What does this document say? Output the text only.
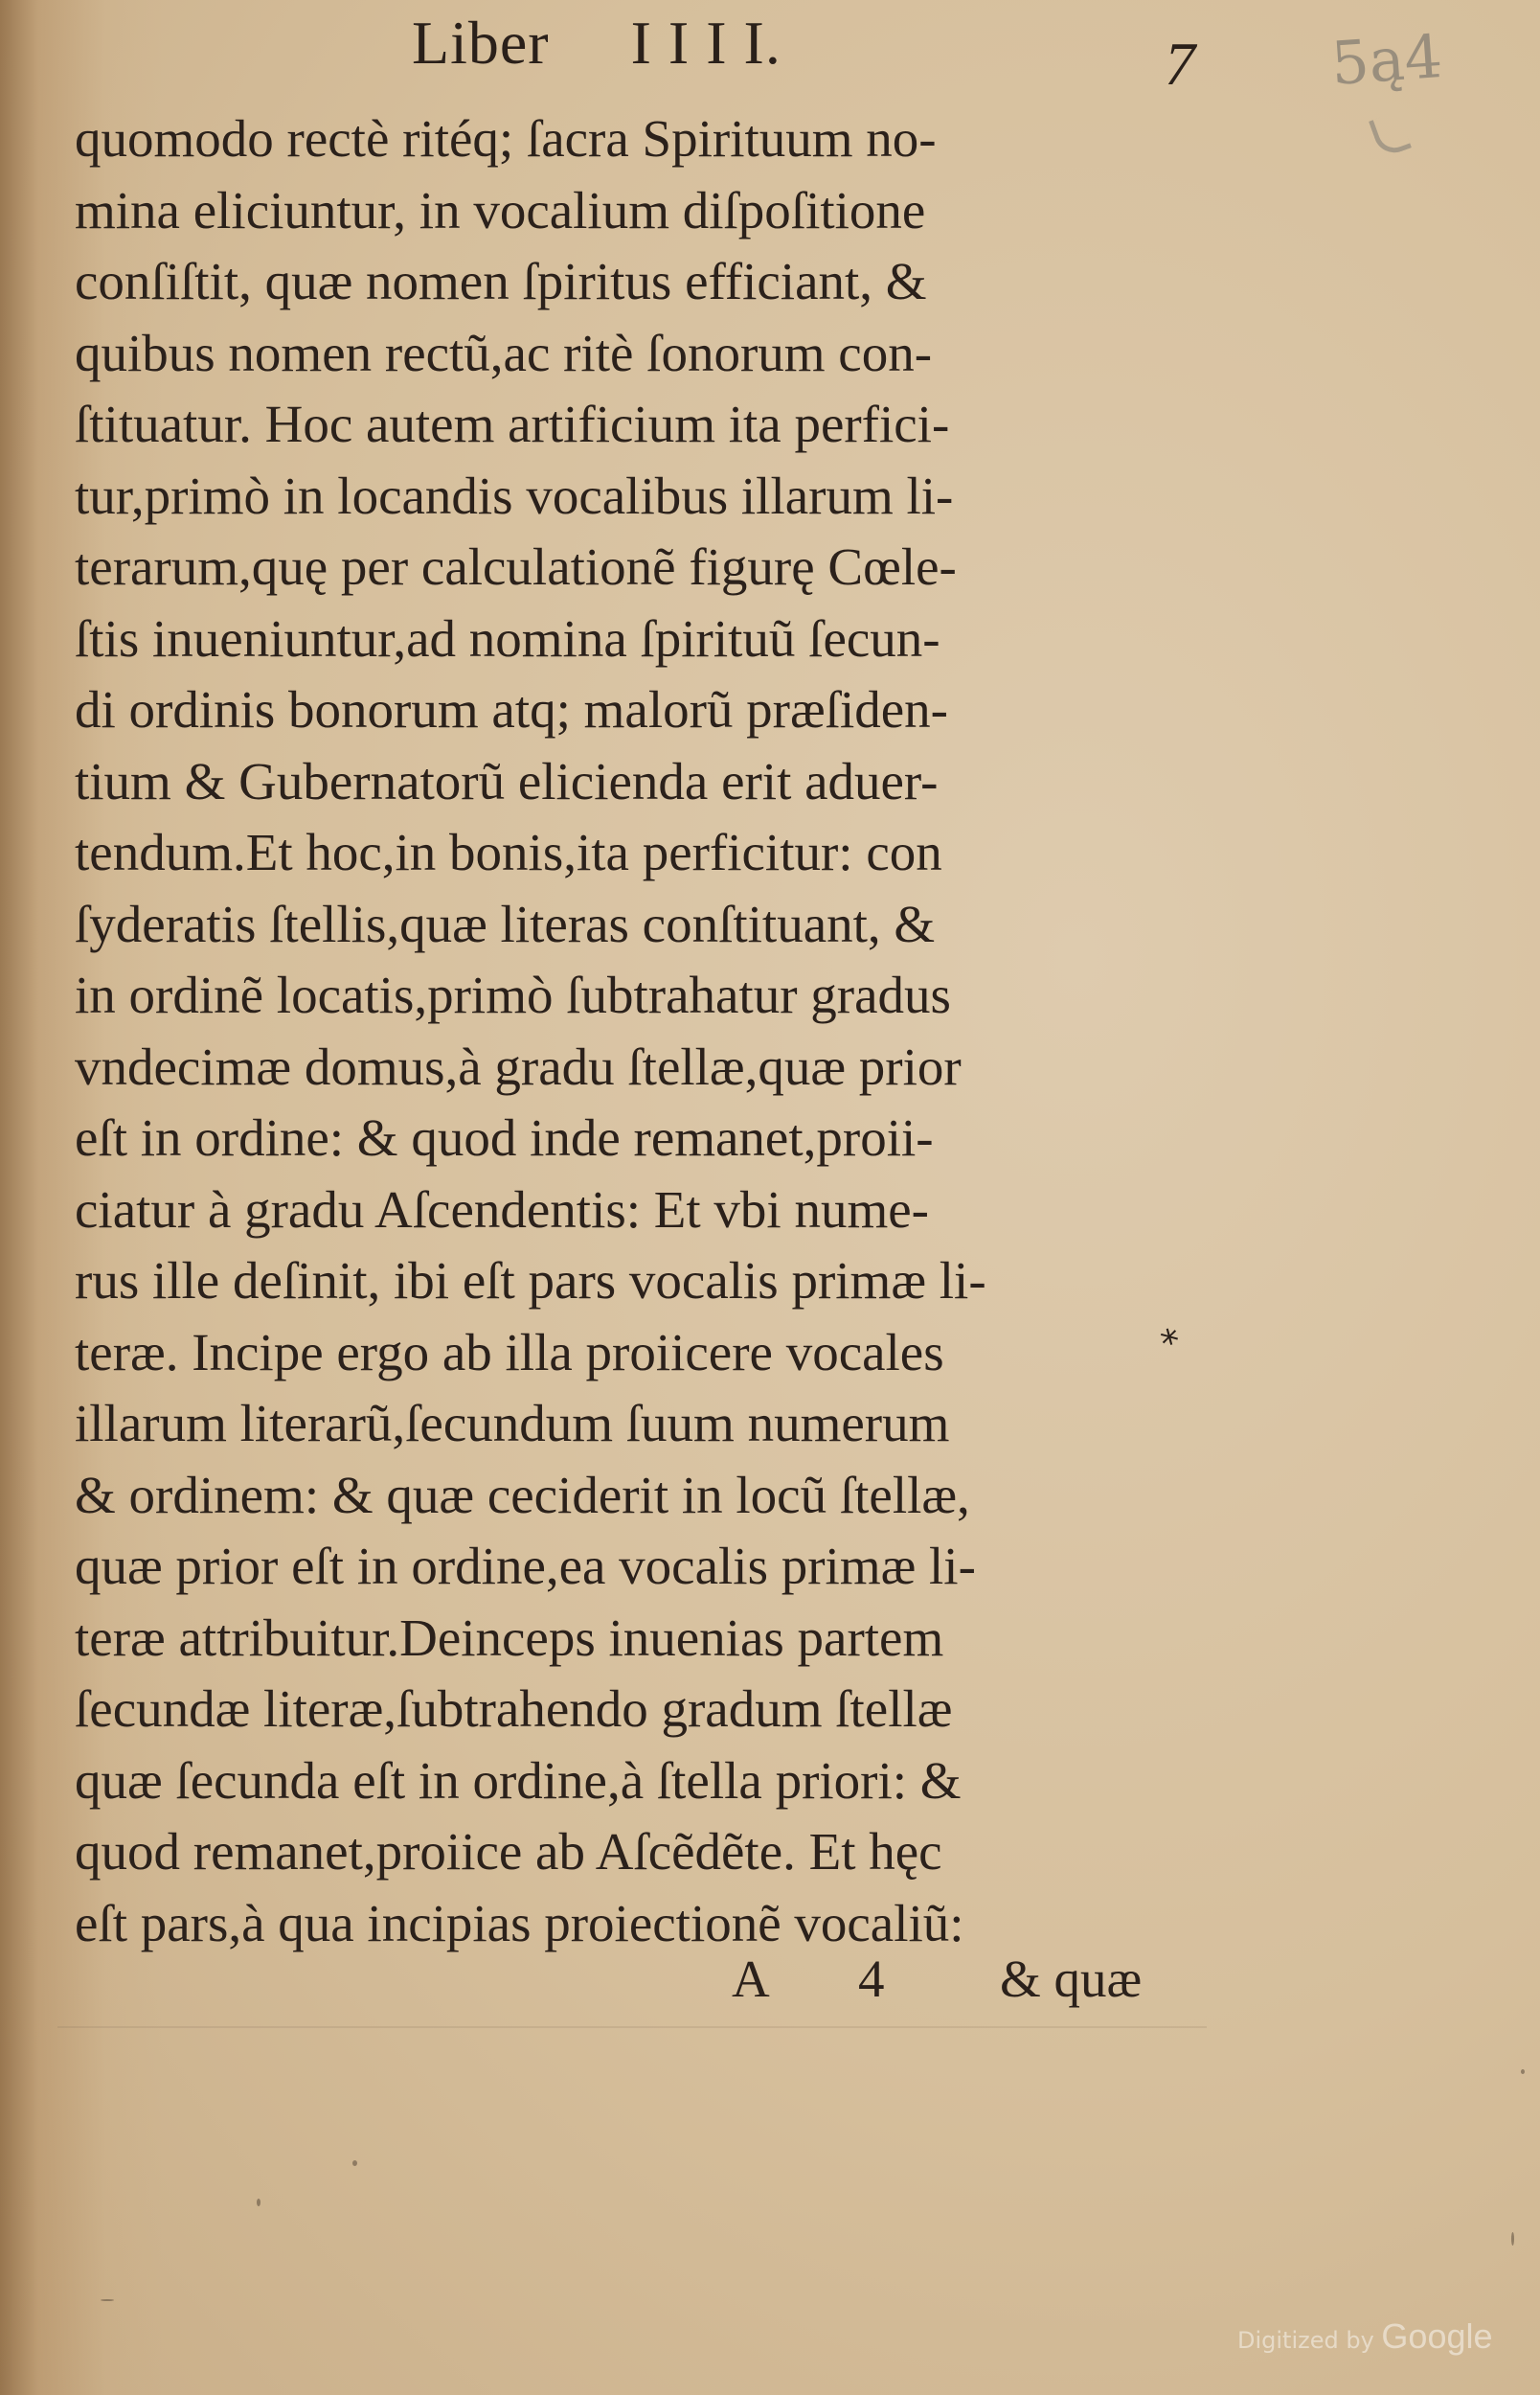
Liber     I I I I.	7 5ą4
quomodo rectè ritéq; ſacra Spirituum no-
mina eliciuntur, in vocalium diſpoſitione
conſiſtit, quæ nomen ſpiritus efficiant, &
quibus nomen rectũ,ac ritè ſonorum con-
ſtituatur. Hoc autem artificium ita perfici-
tur,primò in locandis vocalibus illarum li-
terarum,quę per calculationẽ figurę Cœle-
ſtis inueniuntur,ad nomina ſpirituũ ſecun-
di ordinis bonorum atq; malorũ præſiden-
tium & Gubernatorũ elicienda erit aduer-
tendum.Et hoc,in bonis,ita perficitur: con
ſyderatis ſtellis,quæ literas conſtituant, &
in ordinẽ locatis,primò ſubtrahatur gradus
vndecimæ domus,à gradu ſtellæ,quæ prior
eſt in ordine: & quod inde remanet,proii-
ciatur à gradu Aſcendentis: Et vbi nume-
rus ille deſinit, ibi eſt pars vocalis primæ li-
teræ. Incipe ergo ab illa proiicere vocales
illarum literarũ,ſecundum ſuum numerum
& ordinem: & quæ ceciderit in locũ ſtellæ,
quæ prior eſt in ordine,ea vocalis primæ li-
teræ attribuitur.Deinceps inuenias partem
ſecundæ literæ,ſubtrahendo gradum ſtellæ
quæ ſecunda eſt in ordine,à ſtella priori: &
quod remanet,proiice ab Aſcẽdẽte. Et hęc
eſt pars,à qua incipias proiectionẽ vocaliũ:
⁎
A 4 & quæ
Digitized by Google
